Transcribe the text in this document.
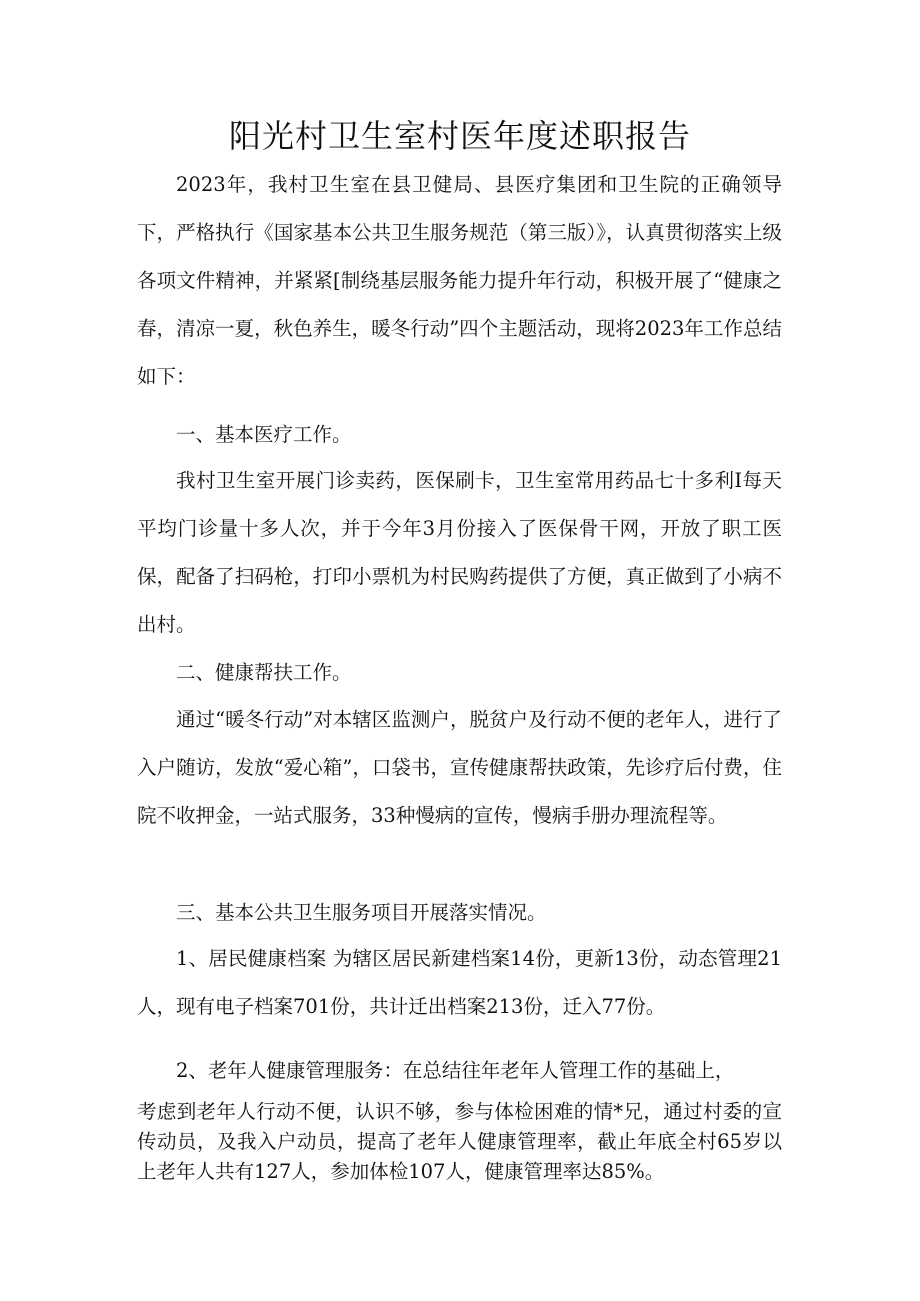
阳光村卫生室村医年度述职报告

2023年，我村卫生室在县卫健局、县医疗集团和卫生院的正确领导下，严格执行《国家基本公共卫生服务规范（第三版）》，认真贯彻落实上级各项文件精神，并紧紧[制绕基层服务能力提升年行动，积极开展了“健康之春，清凉一夏，秋色养生，暖冬行动”四个主题活动，现将2023年工作总结如下：

一、基本医疗工作。

我村卫生室开展门诊卖药，医保刷卡，卫生室常用药品七十多利I每天平均门诊量十多人次，并于今年3月份接入了医保骨干网，开放了职工医保，配备了扫码枪，打印小票机为村民购药提供了方便，真正做到了小病不出村。

二、健康帮扶工作。

通过“暖冬行动”对本辖区监测户，脱贫户及行动不便的老年人，进行了入户随访，发放“爱心箱”，口袋书，宣传健康帮扶政策，先诊疗后付费，住院不收押金，一站式服务，33种慢病的宣传，慢病手册办理流程等。

三、基本公共卫生服务项目开展落实情况。

1、居民健康档案 为辖区居民新建档案14份，更新13份，动态管理21人，现有电子档案701份，共计迁出档案213份，迁入77份。

2、老年人健康管理服务：在总结往年老年人管理工作的基础上，

考虑到老年人行动不便，认识不够，参与体检困难的情*兄，通过村委的宣传动员，及我入户动员，提高了老年人健康管理率，截止年底全村65岁以上老年人共有127人，参加体检107人，健康管理率达85%。
